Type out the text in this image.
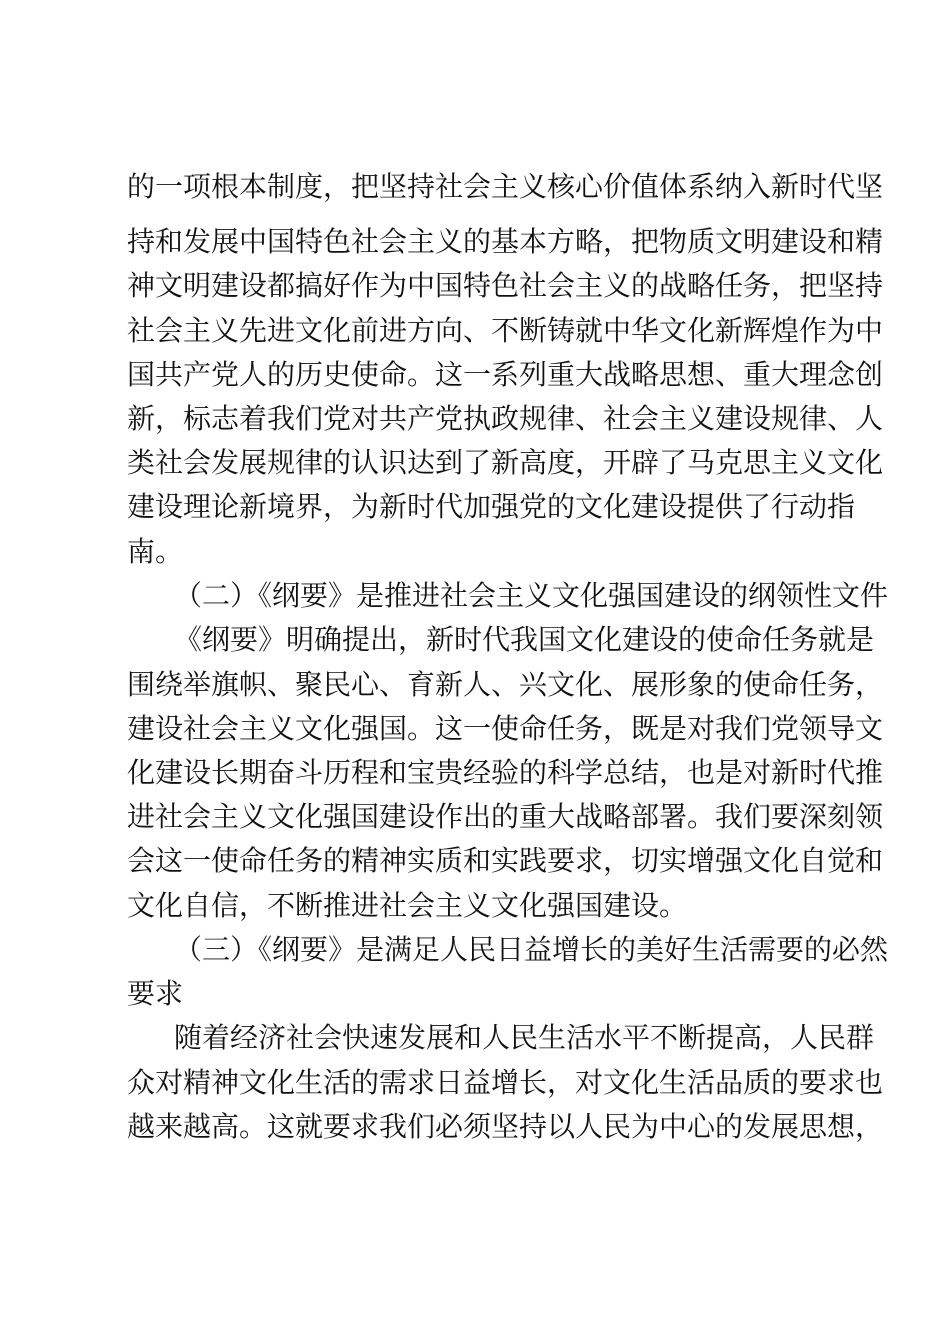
的一项根本制度，把坚持社会主义核心价值体系纳入新时代坚
持和发展中国特色社会主义的基本方略，把物质文明建设和精
神文明建设都搞好作为中国特色社会主义的战略任务，把坚持
社会主义先进文化前进方向、不断铸就中华文化新辉煌作为中
国共产党人的历史使命。这一系列重大战略思想、重大理念创
新，标志着我们党对共产党执政规律、社会主义建设规律、人
类社会发展规律的认识达到了新高度，开辟了马克思主义文化
建设理论新境界，为新时代加强党的文化建设提供了行动指
南。
（二）《纲要》是推进社会主义文化强国建设的纲领性文件
《纲要》明确提出，新时代我国文化建设的使命任务就是
围绕举旗帜、聚民心、育新人、兴文化、展形象的使命任务，
建设社会主义文化强国。这一使命任务，既是对我们党领导文
化建设长期奋斗历程和宝贵经验的科学总结，也是对新时代推
进社会主义文化强国建设作出的重大战略部署。我们要深刻领
会这一使命任务的精神实质和实践要求，切实增强文化自觉和
文化自信，不断推进社会主义文化强国建设。
（三）《纲要》是满足人民日益增长的美好生活需要的必然
要求
随着经济社会快速发展和人民生活水平不断提高，人民群
众对精神文化生活的需求日益增长，对文化生活品质的要求也
越来越高。这就要求我们必须坚持以人民为中心的发展思想，
